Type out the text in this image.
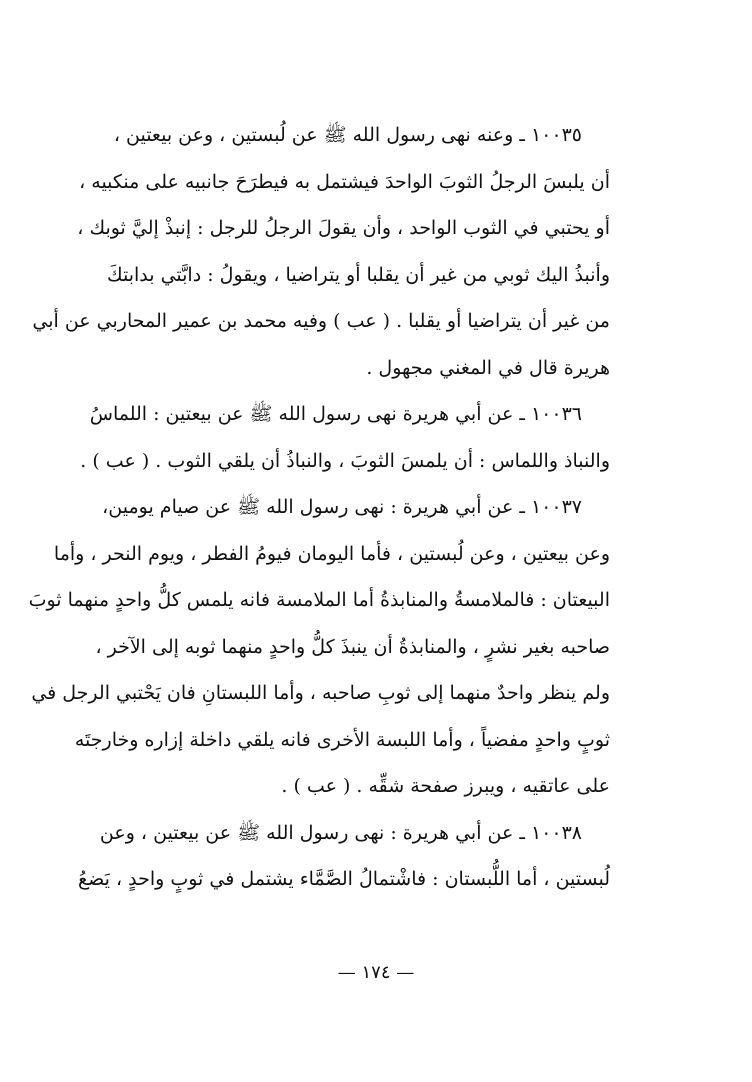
١٠٠٣٥ ـ وعنه نهى رسول الله ﷺ عن لُبستين ، وعن بيعتين ،
أن يلبسَ الرجلُ الثوبَ الواحدَ فيشتمل به فيطرَحَ جانبيه على منكبيه ،
أو يحتبي في الثوب الواحد ، وأن يقولَ الرجلُ للرجل : إنبذْ إليَّ ثوبك ،
وأنبذُ اليك ثوبي من غير أن يقلبا أو يتراضيا ، ويقولُ : دابَّتي بدابتكَ
من غير أن يتراضيا أو يقلبا . ( عب ) وفيه محمد بن عمير المحاربي عن أبي
هريرة قال في المغني مجهول .
١٠٠٣٦ ـ عن أبي هريرة نهى رسول الله ﷺ عن بيعتين : اللماسُ
والنباذ واللماس : أن يلمسَ الثوبَ ، والنباذُ أن يلقي الثوب . ( عب ) .
١٠٠٣٧ ـ عن أبي هريرة : نهى رسول الله ﷺ عن صيام يومين،
وعن بيعتين ، وعن لُبستين ، فأما اليومان فيومُ الفطر ، ويوم النحر ، وأما
البيعتان : فالملامسةُ والمنابذةُ أما الملامسة فانه يلمس كلُّ واحدٍ منهما ثوبَ
صاحبه بغير نشرٍ ، والمنابذةُ أن ينبذَ كلُّ واحدٍ منهما ثوبه إلى الآخر ،
ولم ينظر واحدٌ منهما إلى ثوبِ صاحبه ، وأما اللبستانِ فان يَحْتبي الرجل في
ثوبٍ واحدٍ مفضياً ، وأما اللبسة الأخرى فانه يلقي داخلة إزاره وخارجتَه
على عاتقيه ، ويبرز صفحة شقِّه . ( عب ) .
١٠٠٣٨ ـ عن أبي هريرة : نهى رسول الله ﷺ عن بيعتين ، وعن
لُبستين ، أما اللُّبستان : فاشْتمالُ الصَّمَّاء يشتمل في ثوبٍ واحدٍ ، يَضعُ
— ١٧٤ —
